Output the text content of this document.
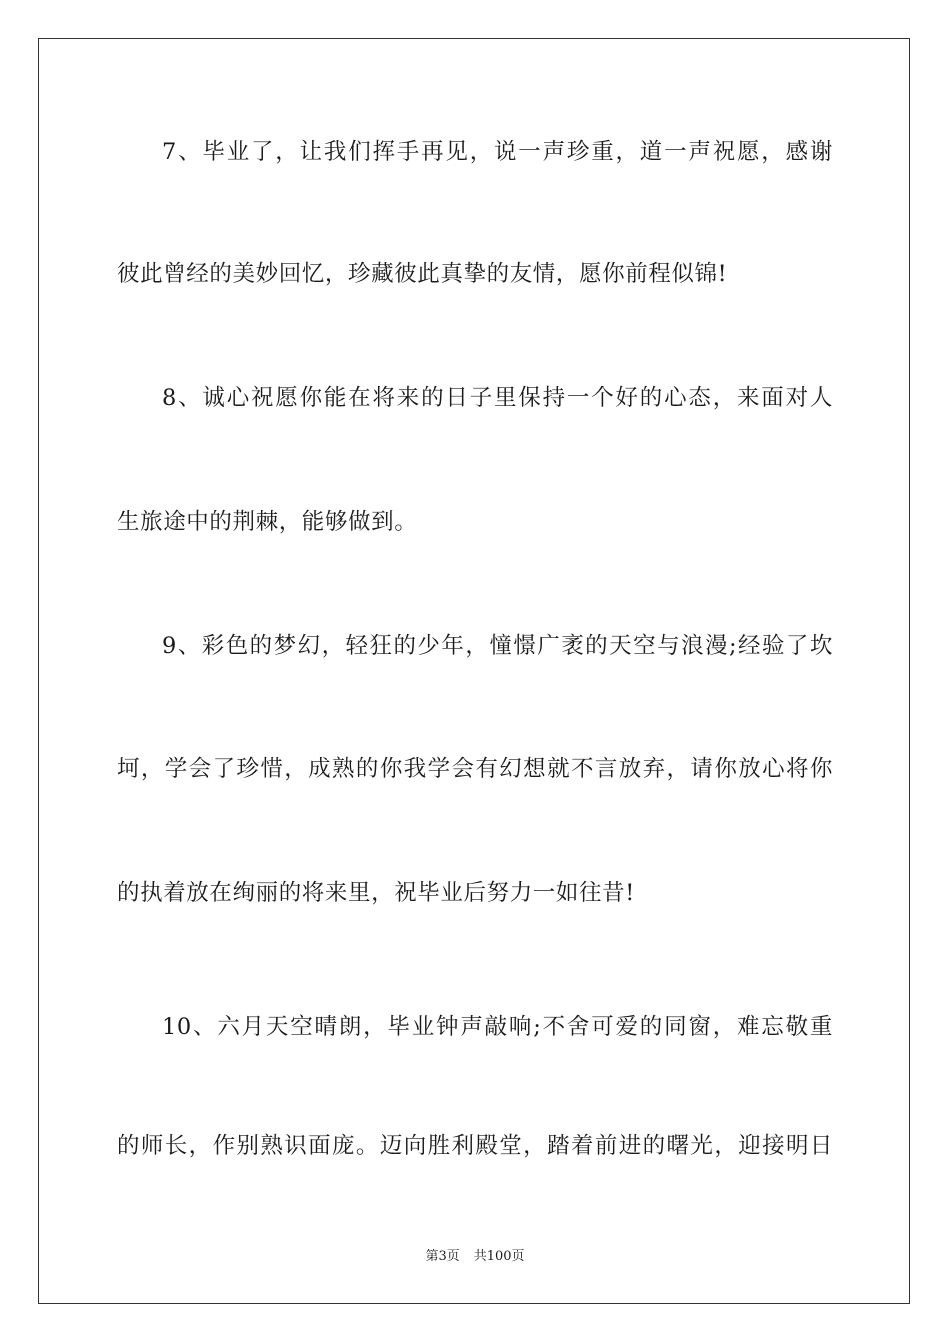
7、毕业了，让我们挥手再见，说一声珍重，道一声祝愿，感谢
彼此曾经的美妙回忆，珍藏彼此真挚的友情，愿你前程似锦!
8、诚心祝愿你能在将来的日子里保持一个好的心态，来面对人
生旅途中的荆棘，能够做到。
9、彩色的梦幻，轻狂的少年，憧憬广袤的天空与浪漫;经验了坎
坷，学会了珍惜，成熟的你我学会有幻想就不言放弃，请你放心将你
的执着放在绚丽的将来里，祝毕业后努力一如往昔!
10、六月天空晴朗，毕业钟声敲响;不舍可爱的同窗，难忘敬重
的师长，作别熟识面庞。迈向胜利殿堂，踏着前进的曙光，迎接明日
第3页 共100页
